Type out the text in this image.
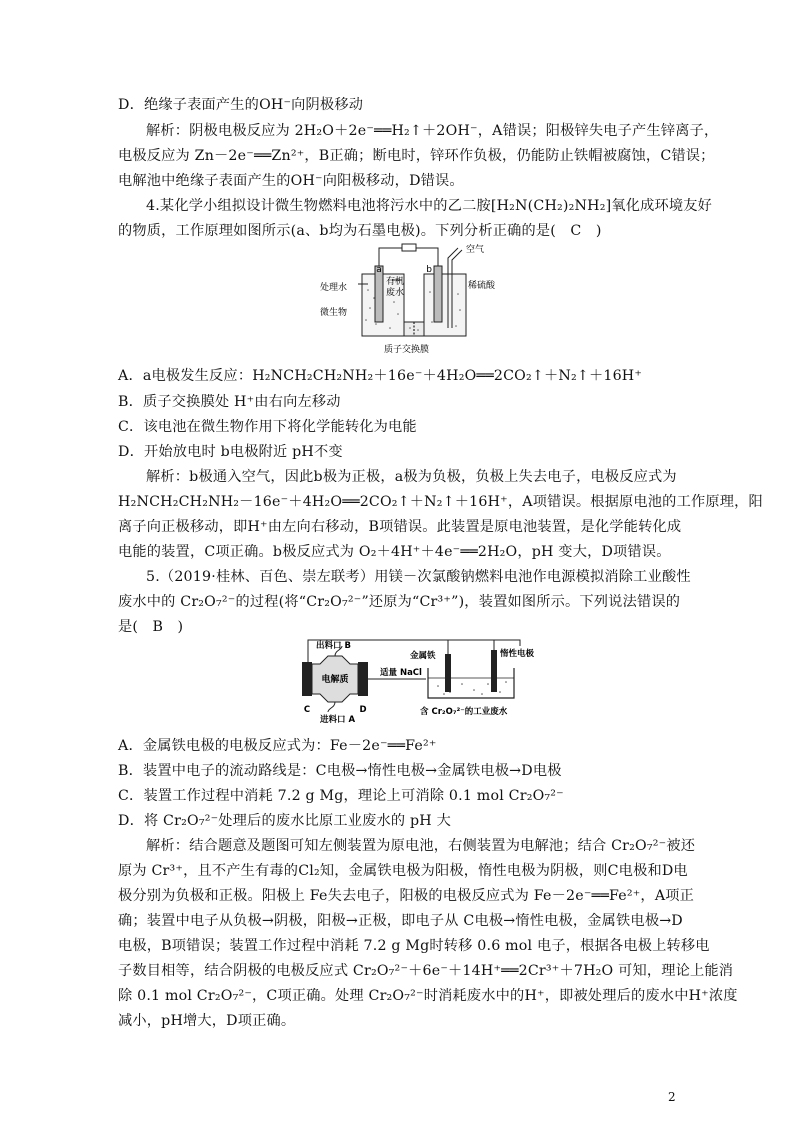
D．绝缘子表面产生的OH⁻向阴极移动
解析：阴极电极反应为 2H₂O＋2e⁻══H₂↑＋2OH⁻，A错误；阳极锌失电子产生锌离子，
电极反应为 Zn－2e⁻══Zn²⁺，B正确；断电时，锌环作负极，仍能防止铁帽被腐蚀，C错误；
电解池中绝缘子表面产生的OH⁻向阳极移动，D错误。
4.某化学小组拟设计微生物燃料电池将污水中的乙二胺[H₂N(CH₂)₂NH₂]氧化成环境友好
的物质，工作原理如图所示(a、b均为石墨电极)。下列分析正确的是(　C　)
a	b
空气
处理水
有机
废水
微生物
稀硫酸
质子交换膜
A．a电极发生反应：H₂NCH₂CH₂NH₂＋16e⁻＋4H₂O══2CO₂↑＋N₂↑＋16H⁺
B．质子交换膜处 H⁺由右向左移动
C．该电池在微生物作用下将化学能转化为电能
D．开始放电时 b电极附近 pH不变
解析：b极通入空气，因此b极为正极，a极为负极，负极上失去电子，电极反应式为
H₂NCH₂CH₂NH₂－16e⁻＋4H₂O══2CO₂↑＋N₂↑＋16H⁺，A项错误。根据原电池的工作原理，阳
离子向正极移动，即H⁺由左向右移动，B项错误。此装置是原电池装置，是化学能转化成
电能的装置，C项正确。b极反应式为 O₂＋4H⁺＋4e⁻══2H₂O，pH 变大，D项错误。
5.（2019·桂林、百色、崇左联考）用镁－次氯酸钠燃料电池作电源模拟消除工业酸性
废水中的 Cr₂O₇²⁻的过程(将“Cr₂O₇²⁻”还原为“Cr³⁺”)，装置如图所示。下列说法错误的
是(　B　)
出料口 B
电解质
C	D
进料口 A
适量 NaCl
金属铁	惰性电极
含 Cr₂O₇²⁻的工业废水
A．金属铁电极的电极反应式为：Fe－2e⁻══Fe²⁺
B．装置中电子的流动路线是：C电极→惰性电极→金属铁电极→D电极
C．装置工作过程中消耗 7.2 g Mg，理论上可消除 0.1 mol Cr₂O₇²⁻
D．将 Cr₂O₇²⁻处理后的废水比原工业废水的 pH 大
解析：结合题意及题图可知左侧装置为原电池，右侧装置为电解池；结合 Cr₂O₇²⁻被还
原为 Cr³⁺，且不产生有毒的Cl₂知，金属铁电极为阳极，惰性电极为阴极，则C电极和D电
极分别为负极和正极。阳极上 Fe失去电子，阳极的电极反应式为 Fe－2e⁻══Fe²⁺，A项正
确；装置中电子从负极→阴极，阳极→正极，即电子从 C电极→惰性电极，金属铁电极→D
电极，B项错误；装置工作过程中消耗 7.2 g Mg时转移 0.6 mol 电子，根据各电极上转移电
子数目相等，结合阴极的电极反应式 Cr₂O₇²⁻＋6e⁻＋14H⁺══2Cr³⁺＋7H₂O 可知，理论上能消
除 0.1 mol Cr₂O₇²⁻，C项正确。处理 Cr₂O₇²⁻时消耗废水中的H⁺，即被处理后的废水中H⁺浓度
减小，pH增大，D项正确。
2
